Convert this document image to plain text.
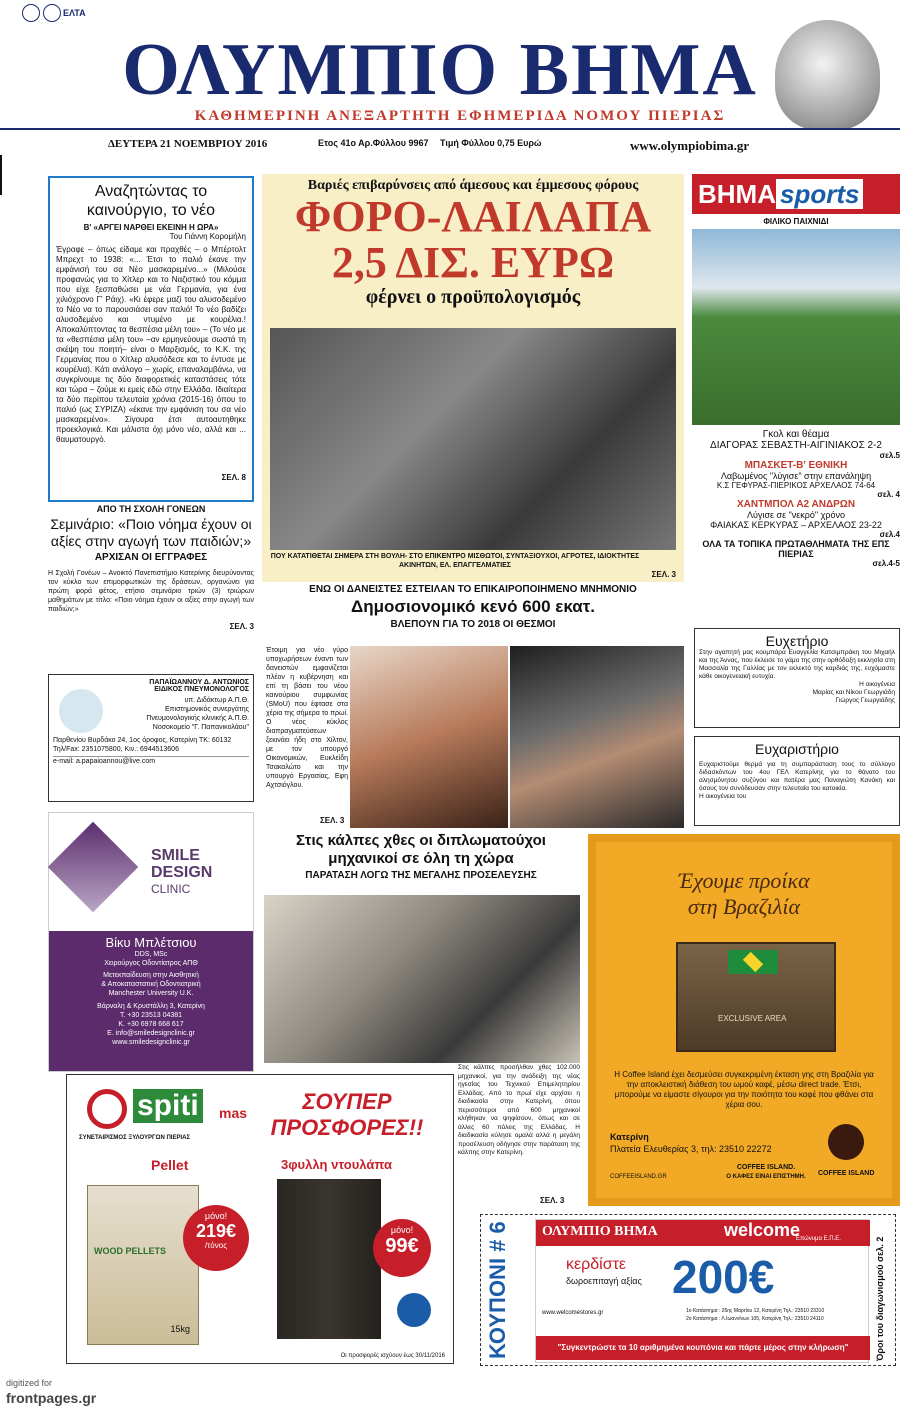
ΕΛΤΑ
ΟΛΥΜΠΙΟ ΒΗΜΑ
ΚΑΘΗΜΕΡΙΝΗ ΑΝΕΞΑΡΤΗΤΗ ΕΦΗΜΕΡΙΔΑ ΝΟΜΟΥ ΠΙΕΡΙΑΣ
ΔΕΥΤΕΡΑ 21 ΝΟΕΜΒΡΙΟΥ 2016	Ετος 41ο Αρ.Φύλλου 9967 Τιμή Φύλλου 0,75 Ευρώ	www.olympiobima.gr
Αναζητώντας το καινούργιο, το νέο
Β' «ΑΡΓΕΙ ΝΑΡΘΕΙ ΕΚΕΙΝΗ Η ΩΡΑ»
Του Γιάννη Κορομήλη
Έγραφε – όπως είδαμε και πραχθές – ο Μπέρτολτ Μπρεχτ το 1938: «... Έτσι το παλιό έκανε την εμφάνισή του σα Νέο μασκαρεμένο...» (Μιλούσε προφανώς για το Χίτλερ και το Ναζιστικό του κόμμα που είχε ξεσπαθώσει με νέα Γερμανία, για ένα χιλιόχρονο Γ' Ράιχ). «Κι έφερε μαζί του αλυσοδεμένο το Νέο να το παρουσιάσει σαν παλιό! Το νέο βαδίζει αλυσοδεμένο και ντυμένο με κουρέλια.! Αποκαλύπτοντας τα θεσπέσια μέλη του» – (Το νέο με τα «θεσπέσια μέλη του» –αν ερμηνεύουμε σωστά τη σκέψη του ποιητή– είναι ο Μαρξισμός, το Κ.Κ. της Γερμανίας που ο Χίτλερ αλυσόδεσε και το έντυσε με κουρέλια). Κάτι ανάλογο – χωρίς, επαναλαμβάνω, να συγκρίνουμε τις δύο διαφορετικές καταστάσεις τότε και τώρα – ζούμε κι εμείς εδώ στην Ελλάδα. Ιδιαίτερα τα δύο περίπου τελευταία χρόνια (2015-16) όπου το παλιό (ως ΣΥΡΙΖΑ) «έκανε την εμφάνιση του σα νέο μασκαρεμένο». Σίγουρα έτσι αυτοαυτηθηκε προεκλογικά. Και μάλιστα όχι μόνο νέο, αλλά και ... θαυματουργό.
ΣΕΛ. 8
ΑΠΟ ΤΗ ΣΧΟΛΗ ΓΟΝΕΩΝ
Σεμινάριο: «Ποιο νόημα έχουν οι αξίες στην αγωγή των παιδιών;»
ΑΡΧΙΣΑΝ ΟΙ ΕΓΓΡΑΦΕΣ
Η Σχολή Γονέων – Ανοικτό Πανεπιστήμιο Κατερίνης διευρύνοντας τον κύκλο των επιμορφωτικών της δράσεων, οργανώνει για πρώτη φορά φέτος, ετήσιο σεμινάριο τριών (3) τριώρων μαθημάτων με τίτλο: «Ποιο νόημα έχουν οι αξίες στην αγωγή των παιδιών;»
ΣΕΛ. 3
ΠΑΠΑΪΩΑΝΝΟΥ Δ. ΑΝΤΩΝΙΟΣ
ΕΙΔΙΚΟΣ ΠΝΕΥΜΟΝΟΛΟΓΟΣ
υπ. Διδάκτωρ Α.Π.Θ.
Επιστημονικός συνεργάτης
Πνευμονολογικής κλινικής Α.Π.Θ.
Νοσοκομείο "Γ. Παπανικολάου"
Παρθενίου Βυρδάκο 24, 1ος όροφος, Κατερίνη ΤΚ: 60132
Τηλ/Fax: 2351075800, Κιν.: 6944513606
e-mail: a.papaioannou@live.com
SMILE
DESIGN
CLINIC
Βίκυ Μπλέτσιου
DDS, MSc
Χειρούργος Οδοντίατρος ΑΠΘ
Μετεκπαίδευση στην Αισθητική
& Αποκαταστατική Οδοντιατρική
Manchester University U.K.
Βάρναλη & Κρυστάλλη 3, Κατερίνη
T. +30 23513 04381
K. +30 6978 668 617
E. info@smiledesignclinic.gr
www.smiledesignclinic.gr
Βαριές επιβαρύνσεις από άμεσους και έμμεσους φόρους
ΦΟΡΟ-ΛΑΙΛΑΠΑ
2,5 ΔΙΣ. ΕΥΡΩ
φέρνει ο προϋπολογισμός
ΠΟΥ ΚΑΤΑΤΙΘΕΤΑΙ ΣΗΜΕΡΑ ΣΤΗ ΒΟΥΛΗ- ΣΤΟ ΕΠΙΚΕΝΤΡΟ ΜΙΣΘΩΤΟΙ, ΣΥΝΤΑΞΙΟΥΧΟΙ, ΑΓΡΟΤΕΣ, ΙΔΙΟΚΤΗΤΕΣ ΑΚΙΝΗΤΩΝ, ΕΛ. ΕΠΑΓΓΕΛΜΑΤΙΕΣ
ΣΕΛ. 3
ΕΝΩ ΟΙ ΔΑΝΕΙΣΤΕΣ ΕΣΤΕΙΛΑΝ ΤΟ ΕΠΙΚΑΙΡΟΠΟΙΗΜΕΝΟ ΜΝΗΜΟΝΙΟ
Δημοσιονομικό κενό 600 εκατ.
ΒΛΕΠΟΥΝ ΓΙΑ ΤΟ 2018 ΟΙ ΘΕΣΜΟΙ
Έτοιμη για νέο γύρο υποχωρήσεων έναντι των δανειστών εμφανίζεται πλέον η κυβέρνηση και επί τη βάσει του νέου καινούριου συμφωνίας (SMoU) που έφτασε στα χέρια της σήμερα το πρωί. Ο νέος κύκλος διαπραγματεύσεων ξεκινάει ήδη στο Χίλτον, με τον υπουργό Οικονομικών, Ευκλείδη Τσακαλώτο και την υπουργό Εργασίας, Εφη Αχτσιόγλου.
ΣΕΛ. 3
Στις κάλπες χθες οι διπλωματούχοι μηχανικοί σε όλη τη χώρα
ΠΑΡΑΤΑΣΗ ΛΟΓΩ ΤΗΣ ΜΕΓΑΛΗΣ ΠΡΟΣΕΛΕΥΣΗΣ
Στις κάλπες προσήλθαν χθες 102.000 μηχανικοί, για την ανάδειξη της νέας ηγεσίας του Τεχνικού Επιμελητηρίου Ελλάδας. Από το πρωί είχε αρχίσει η διαδικασία στην Κατερίνη, όπου περισσότεροι από 600 μηχανικοί κλήθηκαν να ψηφίσουν, όπως και σε άλλες 60 πόλεις της Ελλάδας. Η διαδικασία κύλησε ομαλά αλλά η μεγάλη προσέλευση οδήγησε στην παράταση της κάλπης στην Κατερίνη.
ΣΕΛ. 3
ΒΗΜΑ sports
ΦΙΛΙΚΟ ΠΑΙΧΝΙΔΙ
Γκολ και θέαμα
ΔΙΑΓΟΡΑΣ ΣΕΒΑΣΤΗ-ΑΙΓΙΝΙΑΚΟΣ 2-2
σελ.5
ΜΠΑΣΚΕΤ-Β' ΕΘΝΙΚΗ
Λαβωμένος "λύγισε" στην επανάληψη
Κ.Σ ΓΕΦΥΡΑΣ-ΠΙΕΡΙΚΟΣ ΑΡΧΕΛΑΟΣ 74-64
σελ. 4
ΧΑΝΤΜΠΟΛ Α2 ΑΝΔΡΩΝ
Λύγισε σε "νεκρό" χρόνο
ΦΑΙΑΚΑΣ ΚΕΡΚΥΡΑΣ – ΑΡΧΕΛΑΟΣ 23-22
σελ.4
ΟΛΑ ΤΑ ΤΟΠΙΚΑ ΠΡΩΤΑΘΛΗΜΑΤΑ ΤΗΣ ΕΠΣ ΠΙΕΡΙΑΣ
σελ.4-5
Ευχετήριο
Στην αγαπητή μας κουμπάρα Ευαγγελία Κατσιμπράκη του Μιχαήλ και της Άννας, που έκλεισε το γάμο της στην ορθόδοξη εκκλησία στη Μασσαλία της Γαλλίας με τον εκλεκτό της καρδιάς της, ευχόμαστε κάθε οικογενειακή ευτυχία.
Η οικογένεια
Μαρίας και Νίκου Γεωργιάδη
Γιώργος Γεωργιάδης
Ευχαριστήριο
Ευχαριστούμε θερμά για τη συμπαράσταση τους το σύλλογο διδασκόντων του 4ου ΓΕΛ Κατερίνης για το θάνατο του αλησμόνητου συζύγου και πατέρα μας Παναγιώτη Κανάκη και όσους τον συνόδευσαν στην τελευταία του κατοικία.
Η οικογένεια του
Έχουμε προίκα
στη Βραζιλία
EXCLUSIVE AREA
Η Coffee Island έχει δεσμεύσει συγκεκριμένη έκταση γης στη Βραζιλία για την αποκλειστική διάθεση του ωμού καφέ, μέσω direct trade. Έτσι, μπορούμε να είμαστε σίγουροι για την ποιότητα του καφέ που φθάνει στα χέρια σου.
Κατερίνη
Πλατεία Ελευθερίας 3, τηλ: 23510 22272
COFFEEISLAND.GR
COFFEE ISLAND.
Ο ΚΑΦΕΣ ΕΙΝΑΙ ΕΠΙΣΤΗΜΗ.	COFFEE ISLAND
spiti mas
ΣΥΝΕΤΑΙΡΙΣΜΟΣ ΞΥΛΟΥΡΓΩΝ ΠΙΕΡΙΑΣ
ΣΟΥΠΕΡ ΠΡΟΣΦΟΡΕΣ!!
Pellet	3φυλλη ντουλάπα
WOOD PELLETS
15kg
μόνο!
219€
/τόνος
μόνο!
99€
Οι προσφορές ισχύουν έως 30/11/2016 ΚΟΥΠΟΝΙ # 6	ΟΛΥΜΠΙΟ ΒΗΜΑ	welcome
Επώνυμα Ε.Π.Ε.
κερδίστε
δωροεπιταγή αξίας 200€
www.welcomestores.gr	1ο Κατάστημα : 25ης Μαρτίου 12, Κατερίνη Τηλ.: 23510 23310
2ο Κατάστημα : Λ.Ιωαννίνων 105, Κατερίνη Τηλ.: 23510 24110
"Συγκεντρώστε τα 10 αριθμημένα κουπόνια και πάρτε μέρος στην κλήρωση"	Όροι του διαγωνισμού σελ. 2
digitized for
frontpages.gr
